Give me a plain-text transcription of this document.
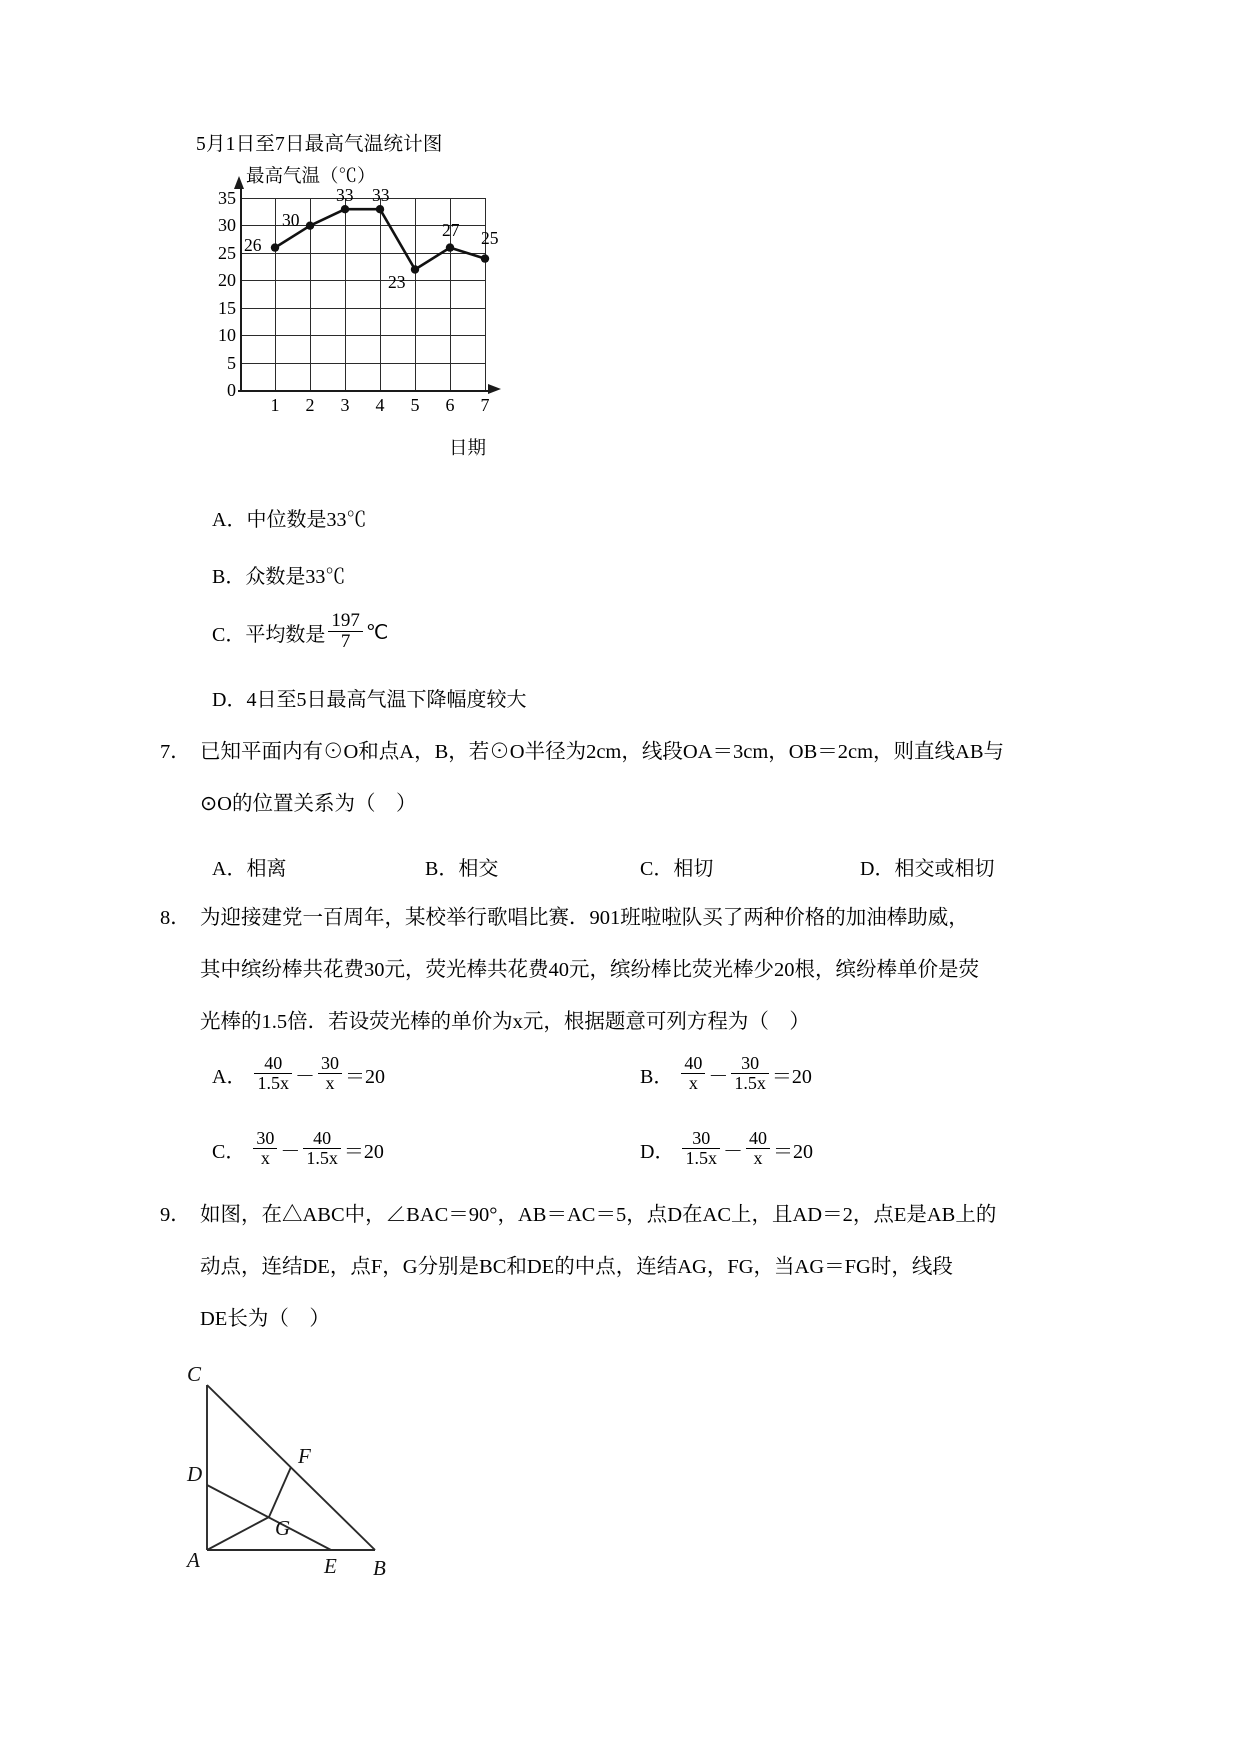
5月1日至7日最高气温统计图
最高气温（℃）
日期
35
30
25
20
15
10
5
0
1	2	3	4	5	6	7
26
30
33 33
23
27 25
A．中位数是33℃
B．众数是33℃
C．平均数是 $\frac{197}{7}$ ℃
D．4日至5日最高气温下降幅度较大
7． 已知平面内有⊙O和点A，B，若⊙O半径为2cm，线段OA＝3cm，OB＝2cm，则直线AB与
⊙O的位置关系为（　）
A．相离	B．相交	C．相切	D．相交或相切
8． 为迎接建党一百周年，某校举行歌唱比赛．901班啦啦队买了两种价格的加油棒助威，
其中缤纷棒共花费30元，荧光棒共花费40元，缤纷棒比荧光棒少20根，缤纷棒单价是荧
光棒的1.5倍．若设荧光棒的单价为x元，根据题意可列方程为（　）
A． $\frac{40}{1.5x} - \frac{30}{x} =20$	B． $\frac{40}{x} - \frac{30}{1.5x} =20$
C． $\frac{30}{x} - \frac{40}{1.5x} =20$	D． $\frac{30}{1.5x} - \frac{40}{x} =20$
9． 如图，在△ABC中，∠BAC＝90°，AB＝AC＝5，点D在AC上，且AD＝2，点E是AB上的
动点，连结DE，点F，G分别是BC和DE的中点，连结AG，FG，当AG＝FG时，线段
DE长为（　）
C
D
A
F
G
E B
